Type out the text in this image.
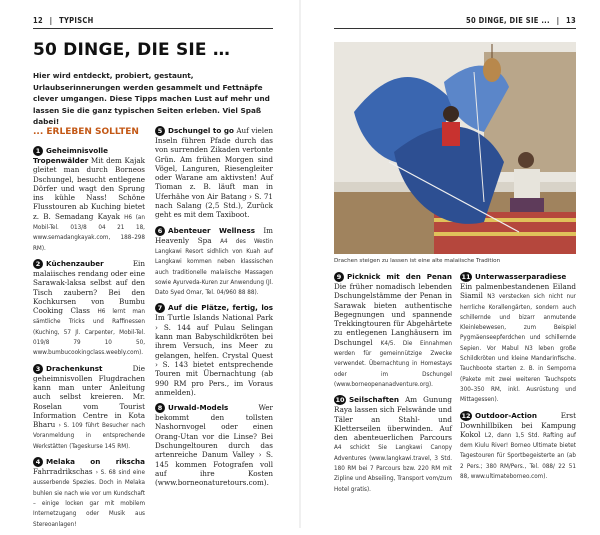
12 | TYPISCH
50 DINGE, DIE SIE …
Hier wird entdeckt, probiert, gestaunt, Urlaubserinnerungen werden gesammelt und Fettnäpfe clever umgangen. Diese Tipps machen Lust auf mehr und lassen Sie die ganz typischen Seiten erleben. Viel Spaß dabei!
... ERLEBEN SOLLTEN
1 Geheimnisvolle Tropenwälder Mit dem Kajak gleitet man durch Borneos Dschungel, besucht entlegene Dörfer und wagt den Sprung ins kühle Nass! Schöne Flusstouren ab Kuching bietet z. B. Semadang Kayak H6 (an Mobil-Tel. 013/8 04 21 18, www.semadangkayak.com, 188–298 RM).
2 Küchenzauber	Ein malaiisches rendang oder eine Sarawak-laksa selbst auf den Tisch zaubern? Bei den Kochkursen von Bumbu Cooking Class H6 lernt man sämtliche Tricks und Raffinessen (Kuching, 57 Jl. Carpenter, Mobil-Tel. 019/8 79 10 50, www.bumbucookingclass.weebly.com).
3 Drachenkunst	Die geheimnisvollen Flugdrachen kann man unter Anleitung auch selbst kreieren. Mr. Roselan vom Tourist Information Centre in Kota Bharu › S. 109 führt Besucher nach Voranmeldung in entsprechende Werkstätten (Tageskurse 145 RM).
4 Melaka on rikscha Fahrradrikschas › S. 68 sind eine ausserbende Spezies. Doch in Melaka buhlen sie nach wie vor um Kundschaft – einige locken gar mit mobilem Internetzugang oder Musik aus Stereoanlagen!
5 Dschungel to go Auf vielen Inseln führen Pfade durch das von surrenden Zikaden vertonte Grün. Am frühen Morgen sind Vögel, Languren, Riesengleiter oder Warane am aktivsten! Auf Tioman z. B. läuft man in Uferhähe von Air Batang › S. 71 nach Salang (2,5 Std.), Zurück geht es mit dem Taxiboot.
6 Abenteuer Wellness Im Heavenly Spa A4 des Westin Langkawi Resort sidhlich von Kuah auf Langkawi kommen neben klassischen auch traditionelle malaiische Massagen sowie Ayurveda-Kuren zur Anwendung (Jl. Dato Syed Omar, Tel. 04/960 88 88).
7 Auf die Plätze, fertig, los Im Turtle Islands National Park › S. 144 auf Pulau Selingan kann man Babyschildkröten bei ihrem Versuch, ins Meer zu gelangen, helfen. Crystal Quest › S. 143 bietet entsprechende Touren mit Übernachtung (ab 990 RM pro Pers., im Voraus anmelden).
8 Urwald-Models	Wer bekommt den tollsten Nashornvogel oder einen Orang-Utan vor die Linse? Bei Dschungeltouren durch das artenreiche Danum Valley › S. 145 kommen Fotografen voll auf ihre Kosten (www.borneonaturetours.com).
50 DINGE, DIE SIE ... | 13
Drachen steigen zu lassen ist eine alte malaiische Tradition
9 Picknick mit den Penan Die früher nomadisch lebenden Dschungelstämme der Penan in Sarawak bieten authentische Begegnungen und spannende Trekkingtouren für Abgehärtete zu entlegenen Langhäusern im Dschungel K4/5. Die Einnahmen werden für gemeinnützige Zwecke verwendet. Übernachtung in Homestays oder im Dschungel (www.borneopenanadventure.org).
10 Seilschaften Am Gunung Raya lassen sich Felswände und Täler an Stahl- und Kletterseilen überwinden. Auf den abenteuerlichen Parcours A4 schickt Sie Langkawi Canopy Adventures (www.langkawi.travel, 3 Std. 180 RM bei 7 Parcours bzw. 220 RM mit Zipline und Abseiling, Transport vom/zum Hotel gratis).
11 Unterwasserparadiese Ein palmenbestandenen Eiland Siamil N3 verstecken sich nicht nur herrliche Korallengärten, sondern auch schillernde und bizarr anmutende Kleinlebewesen, zum Beispiel Pygmäenseepferdchen und schillernde Sepien. Vor Mabul N3 leben große Schildkröten und kleine Mandarinfische. Tauchboote starten z. B. in Semporna (Pakete mit zwei weiteren Tauchspots 300–350 RM, inkl. Ausrüstung und Mittagessen).
12 Outdoor-Action	Erst Downhillbiken bei Kampung Kokol L2, dann 1,5 Std. Rafting auf dem Kiulu River! Borneo Ultimate bietet Tagestouren für Sportbegeisterte an (ab 2 Pers.; 380 RM/Pers., Tel. 088/ 22 51 88, www.ultimateborneo.com).
